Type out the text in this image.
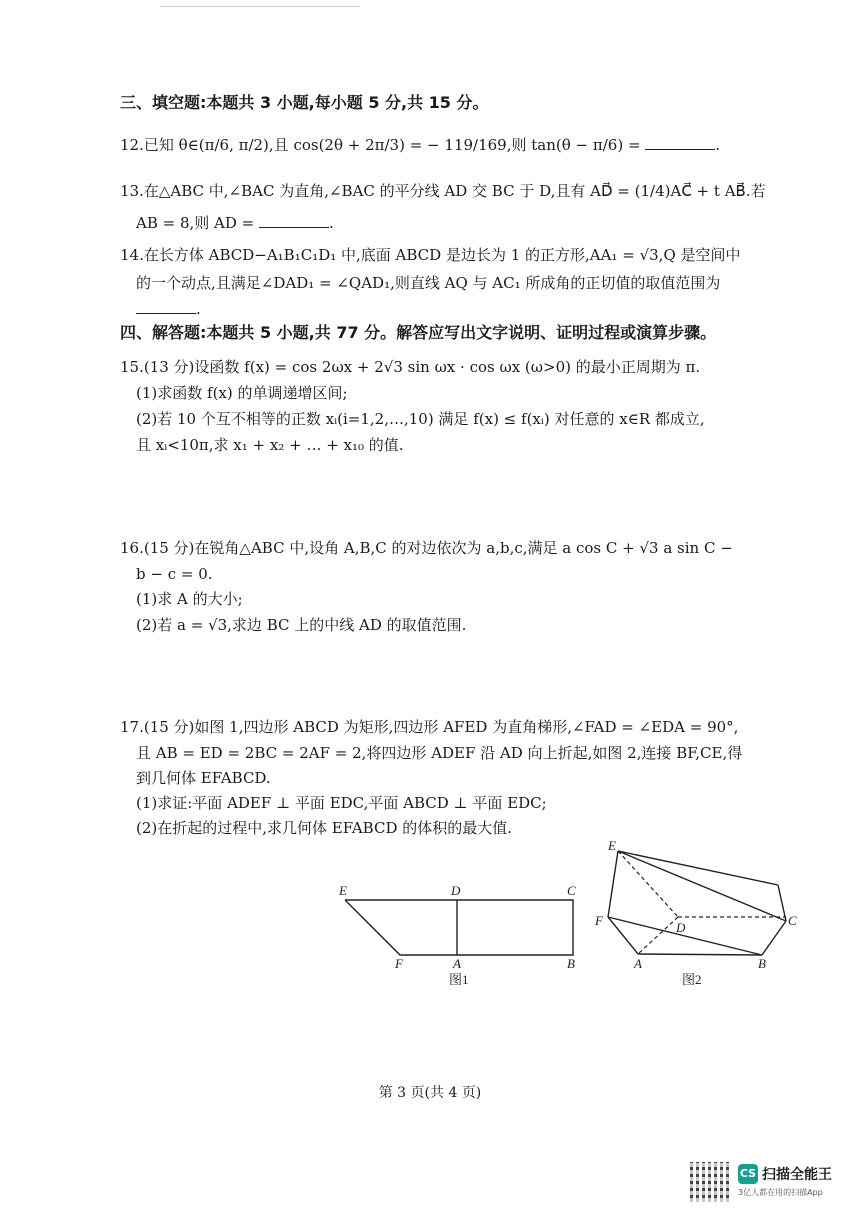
三、填空题:本题共 3 小题,每小题 5 分,共 15 分。
12.已知 θ∈(π/6, π/2),且 cos(2θ + 2π/3) = − 119/169,则 tan(θ − π/6) =	.
13.在△ABC 中,∠BAC 为直角,∠BAC 的平分线 AD 交 BC 于 D,且有 AD⃗ = (1/4)AC⃗ + t AB⃗.若
AB = 8,则 AD =	.
14.在长方体 ABCD−A₁B₁C₁D₁ 中,底面 ABCD 是边长为 1 的正方形,AA₁ = √3,Q 是空间中
的一个动点,且满足∠DAD₁ = ∠QAD₁,则直线 AQ 与 AC₁ 所成角的正切值的取值范围为
.
四、解答题:本题共 5 小题,共 77 分。解答应写出文字说明、证明过程或演算步骤。
15.(13 分)设函数 f(x) = cos 2ωx + 2√3 sin ωx · cos ωx (ω>0) 的最小正周期为 π.
(1)求函数 f(x) 的单调递增区间;
(2)若 10 个互不相等的正数 xᵢ(i=1,2,…,10) 满足 f(x) ≤ f(xᵢ) 对任意的 x∈R 都成立,
且 xᵢ<10π,求 x₁ + x₂ + … + x₁₀ 的值.
16.(15 分)在锐角△ABC 中,设角 A,B,C 的对边依次为 a,b,c,满足 a cos C + √3 a sin C −
b − c = 0.
(1)求 A 的大小;
(2)若 a = √3,求边 BC 上的中线 AD 的取值范围.
17.(15 分)如图 1,四边形 ABCD 为矩形,四边形 AFED 为直角梯形,∠FAD = ∠EDA = 90°,
且 AB = ED = 2BC = 2AF = 2,将四边形 ADEF 沿 AD 向上折起,如图 2,连接 BF,CE,得
到几何体 EFABCD.
(1)求证:平面 ADEF ⊥ 平面 EDC,平面 ABCD ⊥ 平面 EDC;
(2)在折起的过程中,求几何体 EFABCD 的体积的最大值.
E	D	C
F	A	B
图1
E
F	D	C
A	B
图2
第 3 页(共 4 页)
CS 扫描全能王
3亿人都在用的扫描App
